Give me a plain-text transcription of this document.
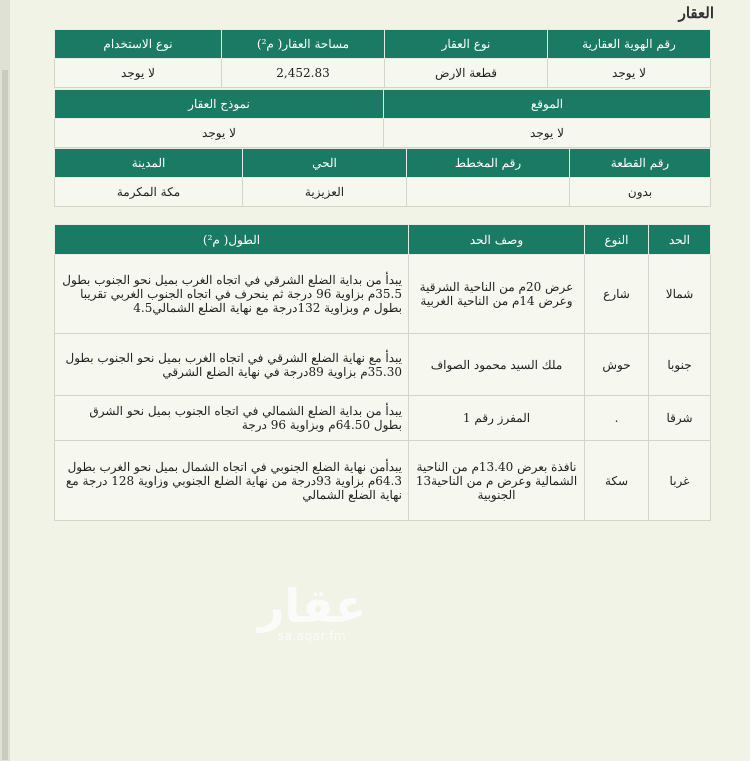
العقار
رقم الهوية العقارية	نوع العقار	مساحة العقار( م²)	نوع الاستخدام
لا يوجد	قطعة الارض	2,452.83	لا يوجد
الموقع	نموذج العقار
لا يوجد	لا يوجد
رقم القطعة	رقم المخطط	الحي	المدينة
بدون		العزيزية	مكة المكرمة
الحد	النوع	وصف الحد	الطول( م²)
شمالا	شارع	عرض 20م من الناحية الشرقية وعرض 14م من الناحية الغربية	يبدأ من بداية الضلع الشرقي في اتجاه الغرب بميل نحو الجنوب بطول 35.5م بزاوية 96 درجة ثم ينحرف في اتجاه الجنوب الغربي تقريبا بطول م وبزاوية 132درجة مع نهاية الضلع الشمالي4.5
جنوبا	حوش	ملك السيد محمود الصواف	يبدأ مع نهاية الضلع الشرقي في اتجاه الغرب بميل نحو الجنوب بطول 35.30م بزاوية 89درجة في نهاية الضلع الشرقي
شرقا	.	المفرز رقم 1	يبدأ من بداية الضلع الشمالي في اتجاه الجنوب بميل نحو الشرق بطول 64.50م وبزاوية 96 درجة
غربا	سكة	نافذة بعرض 13.40م من الناحية الشمالية وعرض م من الناحية13 الجنوبية	يبدأمن نهاية الضلع الجنوبي في اتجاه الشمال بميل نحو الغرب بطول 64.3م بزاوية 93درجة من نهاية الضلع الجنوبي وزاوية 128 درجة مع نهاية الضلع الشمالي
عقار
sa.aqar.fm
